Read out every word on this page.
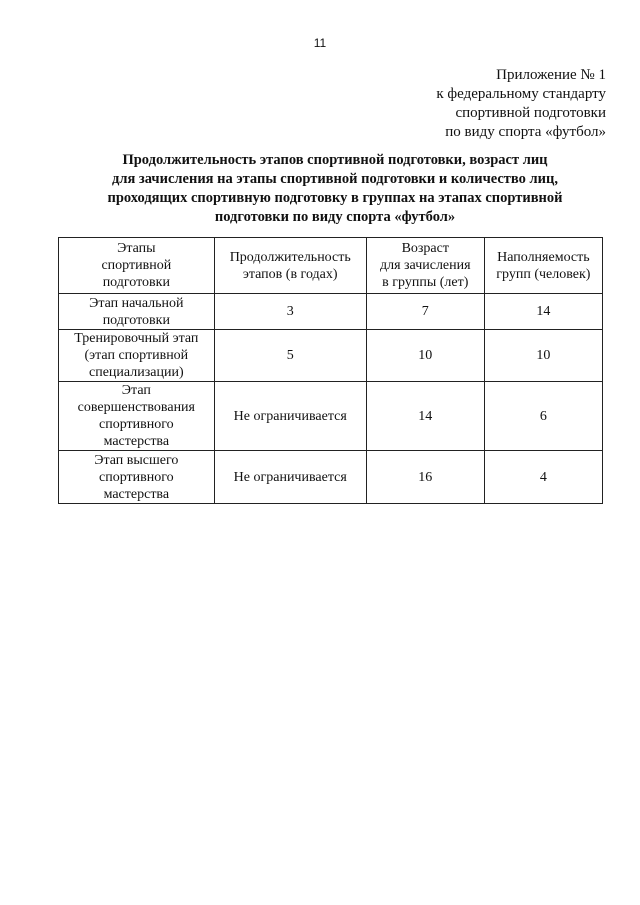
11
Приложение № 1
к федеральному стандарту
спортивной подготовки
по виду спорта «футбол»
Продолжительность этапов спортивной подготовки, возраст лиц
для зачисления на этапы спортивной подготовки и количество лиц,
проходящих спортивную подготовку в группах на этапах спортивной
подготовки по виду спорта «футбол»
Этапы
спортивной
подготовки	Продолжительность
этапов (в годах)	Возраст
для зачисления
в группы (лет)	Наполняемость
групп (человек)
Этап начальной
подготовки	3	7	14
Тренировочный этап
(этап спортивной
специализации)	5	10	10
Этап
совершенствования
спортивного
мастерства	Не ограничивается	14	6
Этап высшего
спортивного
мастерства	Не ограничивается	16	4
